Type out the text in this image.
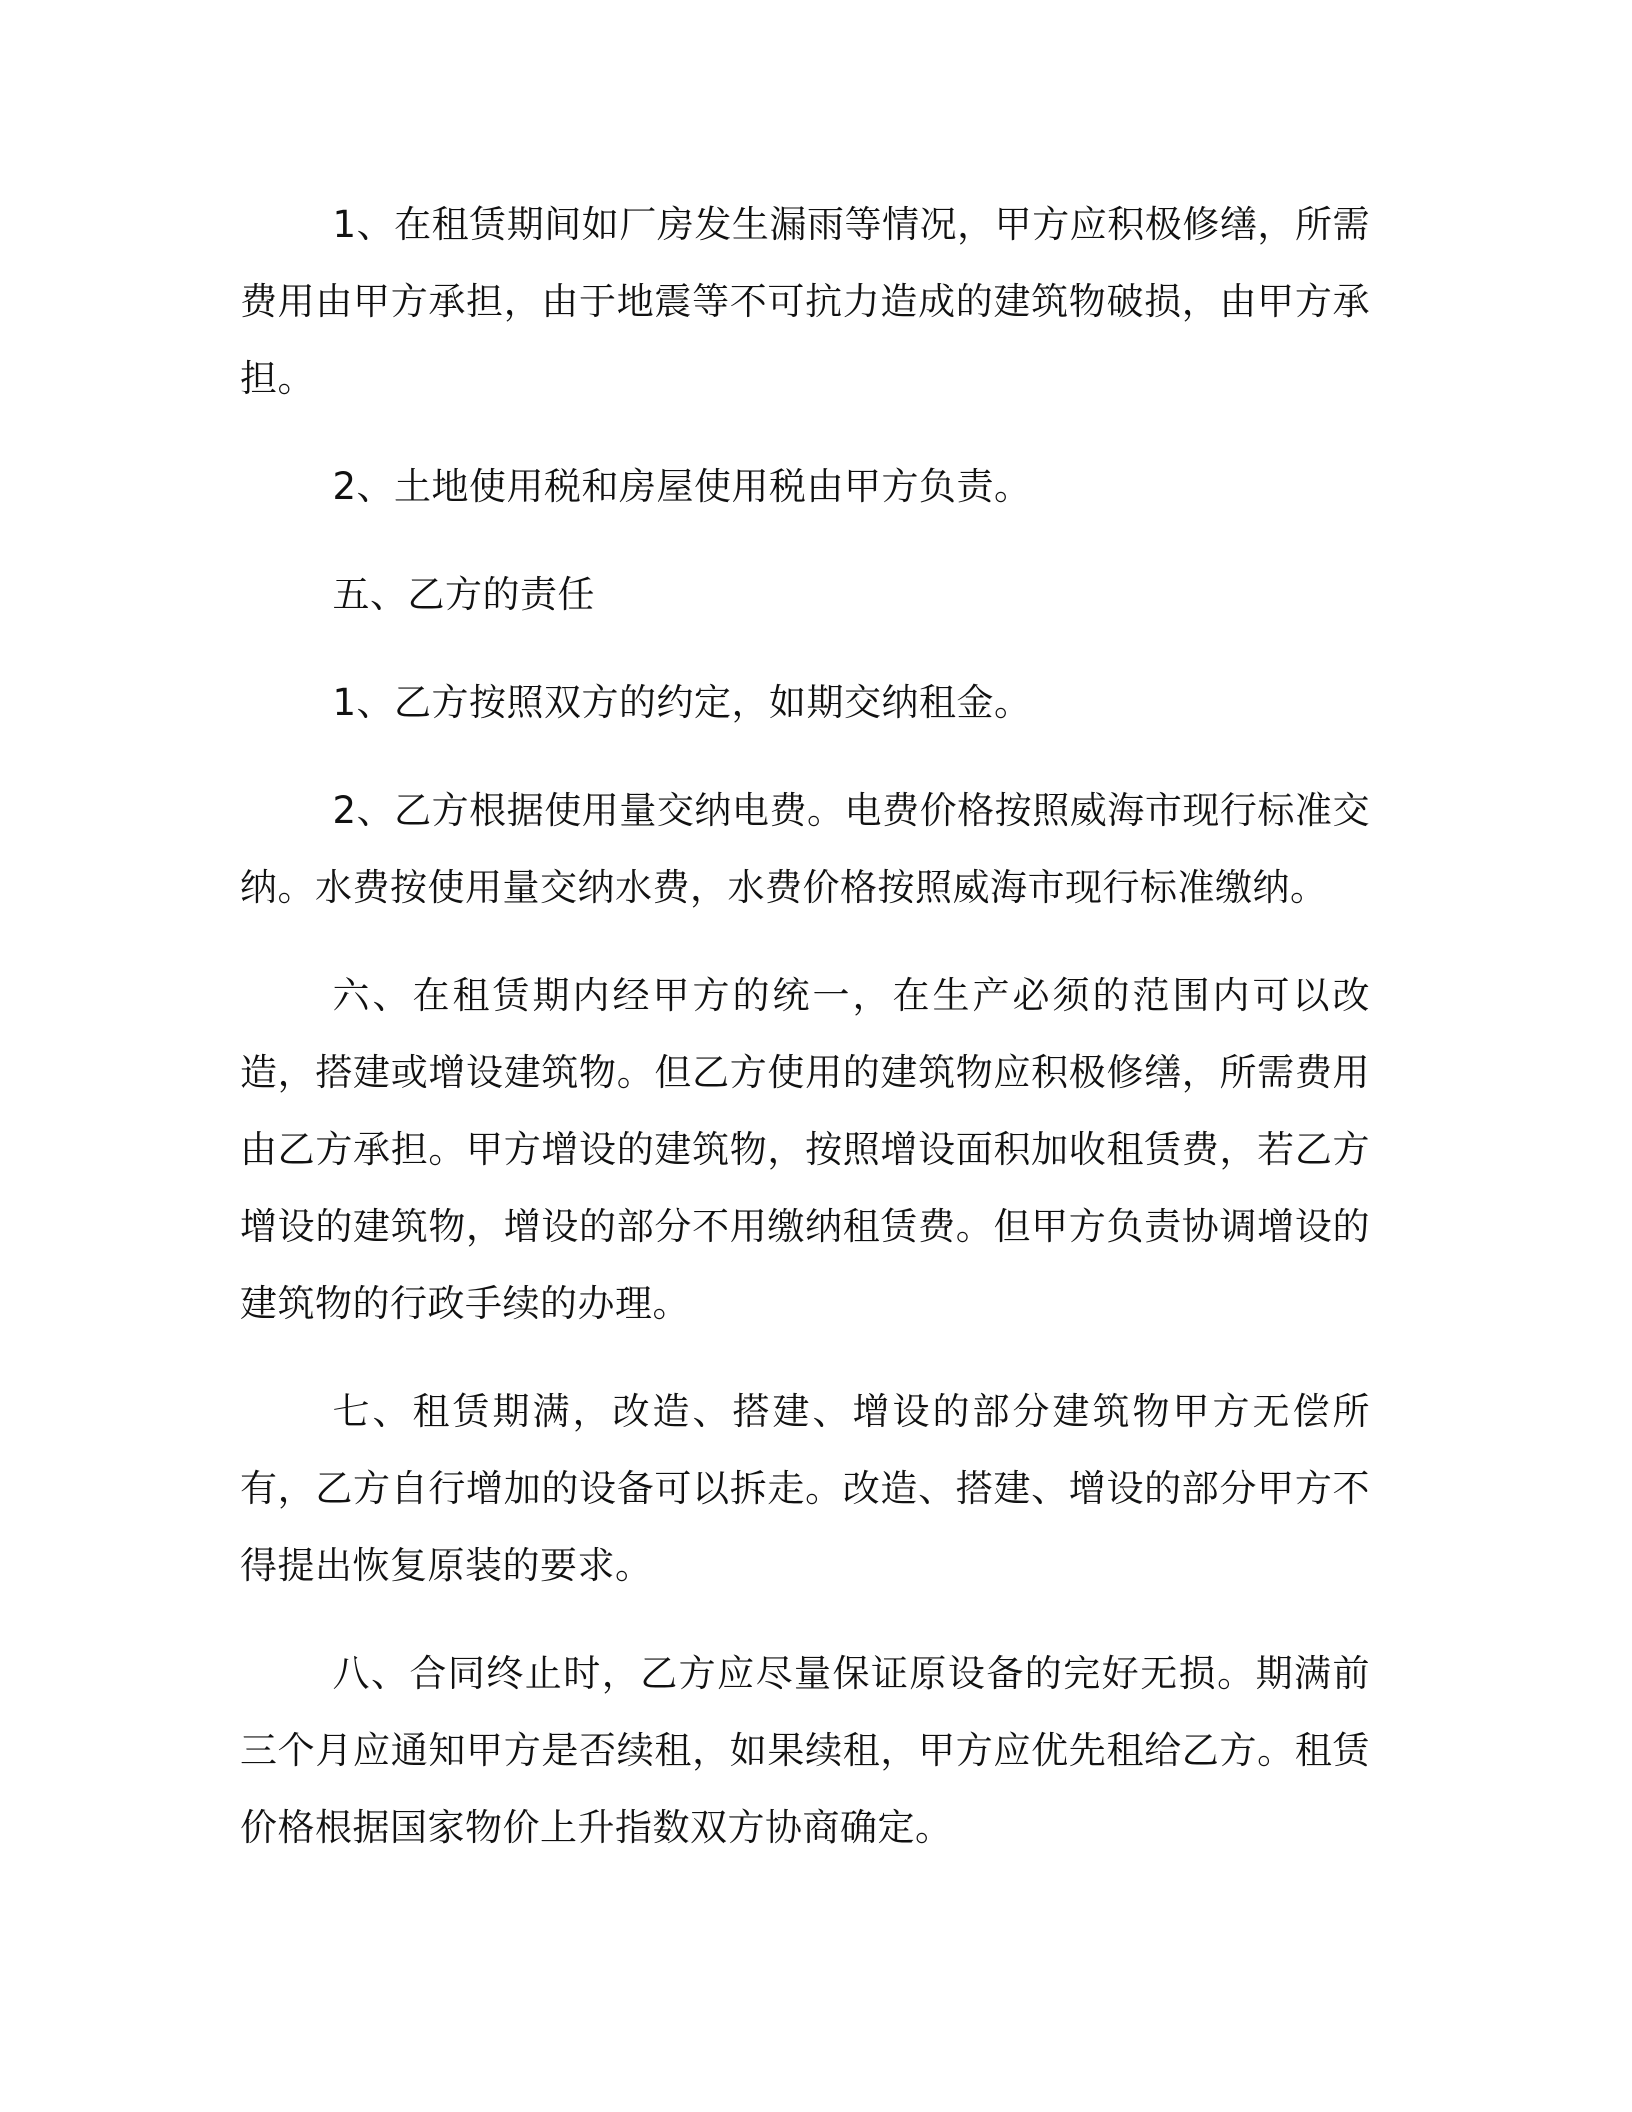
1、在租赁期间如厂房发生漏雨等情况，甲方应积极修缮，所需费用由甲方承担，由于地震等不可抗力造成的建筑物破损，由甲方承担。

2、土地使用税和房屋使用税由甲方负责。

五、乙方的责任

1、乙方按照双方的约定，如期交纳租金。

2、乙方根据使用量交纳电费。电费价格按照威海市现行标准交纳。水费按使用量交纳水费，水费价格按照威海市现行标准缴纳。

六、在租赁期内经甲方的统一，在生产必须的范围内可以改造，搭建或增设建筑物。但乙方使用的建筑物应积极修缮，所需费用由乙方承担。甲方增设的建筑物，按照增设面积加收租赁费，若乙方增设的建筑物，增设的部分不用缴纳租赁费。但甲方负责协调增设的建筑物的行政手续的办理。

七、租赁期满，改造、搭建、增设的部分建筑物甲方无偿所有，乙方自行增加的设备可以拆走。改造、搭建、增设的部分甲方不得提出恢复原装的要求。

八、合同终止时，乙方应尽量保证原设备的完好无损。期满前三个月应通知甲方是否续租，如果续租，甲方应优先租给乙方。租赁价格根据国家物价上升指数双方协商确定。
